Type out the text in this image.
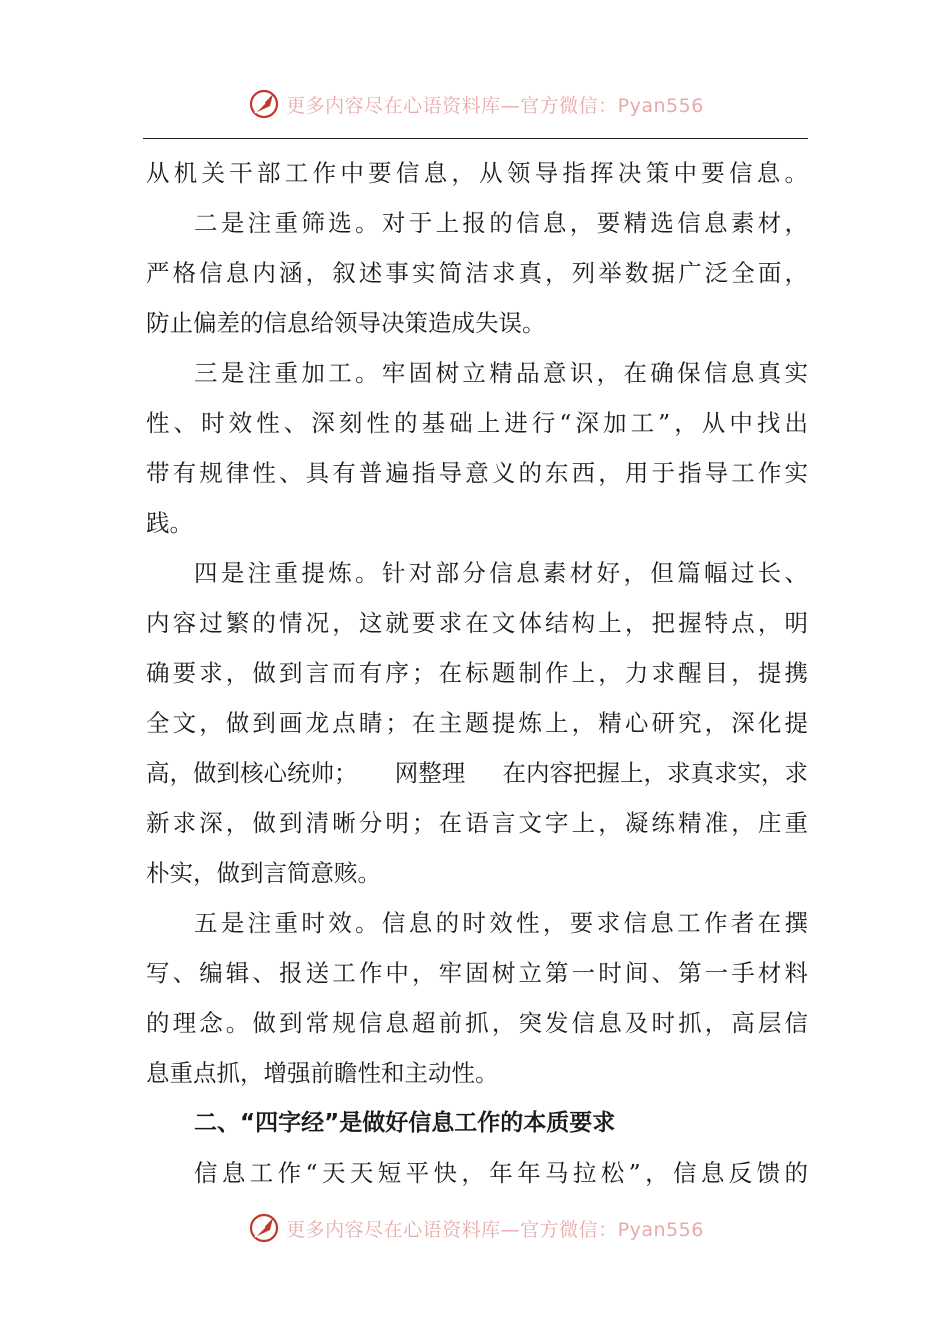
更多内容尽在心语资料库—官方微信：Pyan556
从机关干部工作中要信息，从领导指挥决策中要信息。
二是注重筛选。对于上报的信息，要精选信息素材，
严格信息内涵，叙述事实简洁求真，列举数据广泛全面，
防止偏差的信息给领导决策造成失误。
三是注重加工。牢固树立精品意识，在确保信息真实
性、时效性、深刻性的基础上进行“深加工”，从中找出
带有规律性、具有普遍指导意义的东西，用于指导工作实
践。
四是注重提炼。针对部分信息素材好，但篇幅过长、
内容过繁的情况，这就要求在文体结构上，把握特点，明
确要求，做到言而有序；在标题制作上，力求醒目，提携
全文，做到画龙点睛；在主题提炼上，精心研究，深化提
高，做到核心统帅； 网整理 在内容把握上，求真求实，求
新求深，做到清晰分明；在语言文字上，凝练精准，庄重
朴实，做到言简意赅。
五是注重时效。信息的时效性，要求信息工作者在撰
写、编辑、报送工作中，牢固树立第一时间、第一手材料
的理念。做到常规信息超前抓，突发信息及时抓，高层信
息重点抓，增强前瞻性和主动性。
二、“四字经”是做好信息工作的本质要求
信息工作“天天短平快，年年马拉松”，信息反馈的
更多内容尽在心语资料库—官方微信：Pyan556
